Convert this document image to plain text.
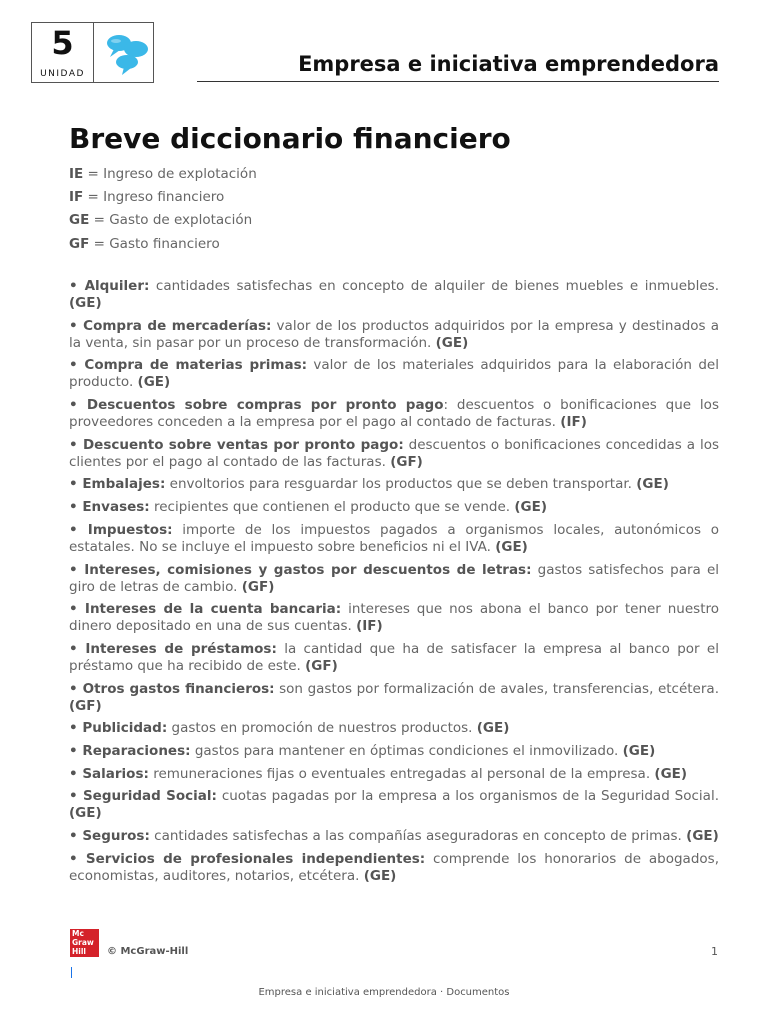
5
UNIDAD	Empresa e iniciativa emprendedora
Breve diccionario financiero
IE = Ingreso de explotación
IF = Ingreso financiero
GE = Gasto de explotación
GF = Gasto financiero

• Alquiler: cantidades satisfechas en concepto de alquiler de bienes muebles e inmuebles. (GE)

• Compra de mercaderías: valor de los productos adquiridos por la empresa y destinados a la venta, sin pasar por un proceso de transformación. (GE)

• Compra de materias primas: valor de los materiales adquiridos para la elaboración del producto. (GE)

• Descuentos sobre compras por pronto pago: descuentos o bonificaciones que los proveedores conceden a la empresa por el pago al contado de facturas. (IF)

• Descuento sobre ventas por pronto pago: descuentos o bonificaciones concedidas a los clientes por el pago al contado de las facturas. (GF)

• Embalajes: envoltorios para resguardar los productos que se deben transportar. (GE)

• Envases: recipientes que contienen el producto que se vende. (GE)

• Impuestos: importe de los impuestos pagados a organismos locales, autonómicos o estatales. No se incluye el impuesto sobre beneficios ni el IVA. (GE)

• Intereses, comisiones y gastos por descuentos de letras: gastos satisfechos para el giro de letras de cambio. (GF)

• Intereses de la cuenta bancaria: intereses que nos abona el banco por tener nuestro dinero depositado en una de sus cuentas. (IF)

• Intereses de préstamos: la cantidad que ha de satisfacer la empresa al banco por el préstamo que ha recibido de este. (GF)

• Otros gastos financieros: son gastos por formalización de avales, transferencias, etcétera. (GF)

• Publicidad: gastos en promoción de nuestros productos. (GE)

• Reparaciones: gastos para mantener en óptimas condiciones el inmovilizado. (GE)

• Salarios: remuneraciones fijas o eventuales entregadas al personal de la empresa. (GE)

• Seguridad Social: cuotas pagadas por la empresa a los organismos de la Seguridad Social. (GE)

• Seguros: cantidades satisfechas a las compañías aseguradoras en concepto de primas. (GE)

• Servicios de profesionales independientes: comprende los honorarios de abogados, economistas, auditores, notarios, etcétera. (GE)

Mc
Graw
Hill	© McGraw-Hill	1
Empresa e iniciativa emprendedora · Documentos
